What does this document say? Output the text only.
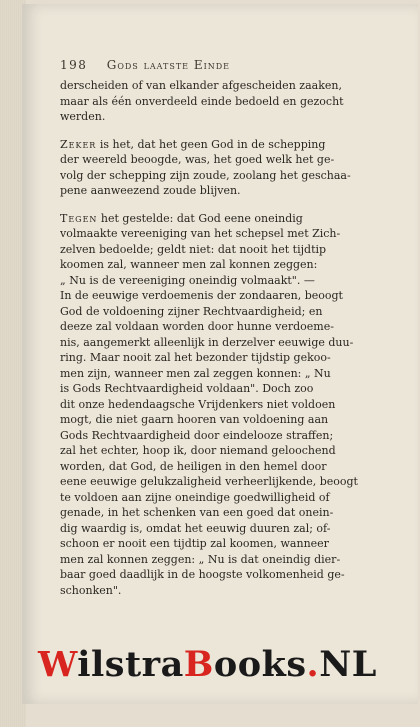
198 Gods laatste Einde
derscheiden of van elkander afgescheiden zaaken,
maar als één onverdeeld einde bedoeld en gezocht
werden.
Zeker is het, dat het geen God in de schepping
der weereld beoogde, was, het goed welk het ge-
volg der schepping zijn zoude, zoolang het geschaa-
pene aanweezend zoude blijven.
Tegen het gestelde: dat God eene oneindig
volmaakte vereeniging van het schepsel met Zich-
zelven bedoelde; geldt niet: dat nooit het tijdtip
koomen zal, wanneer men zal konnen zeggen:
„ Nu is de vereeniging oneindig volmaakt". —
In de eeuwige verdoemenis der zondaaren, beoogt
God de voldoening zijner Rechtvaardigheid; en
deeze zal voldaan worden door hunne verdoeme-
nis, aangemerkt alleenlijk in derzelver eeuwige duu-
ring. Maar nooit zal het bezonder tijdstip gekoo-
men zijn, wanneer men zal zeggen konnen: „ Nu
is Gods Rechtvaardigheid voldaan". Doch zoo
dit onze hedendaagsche Vrijdenkers niet voldoen
mogt, die niet gaarn hooren van voldoening aan
Gods Rechtvaardigheid door eindelooze straffen;
zal het echter, hoop ik, door niemand geloochend
worden, dat God, de heiligen in den hemel door
eene eeuwige gelukzaligheid verheerlijkende, beoogt
te voldoen aan zijne oneindige goedwilligheid of
genade, in het schenken van een goed dat onein-
dig waardig is, omdat het eeuwig duuren zal; of-
schoon er nooit een tijdtip zal koomen, wanneer
men zal konnen zeggen: „ Nu is dat oneindig dier-
baar goed daadlijk in de hoogste volkomenheid ge-
schonken".
WilstraBooks.NL
